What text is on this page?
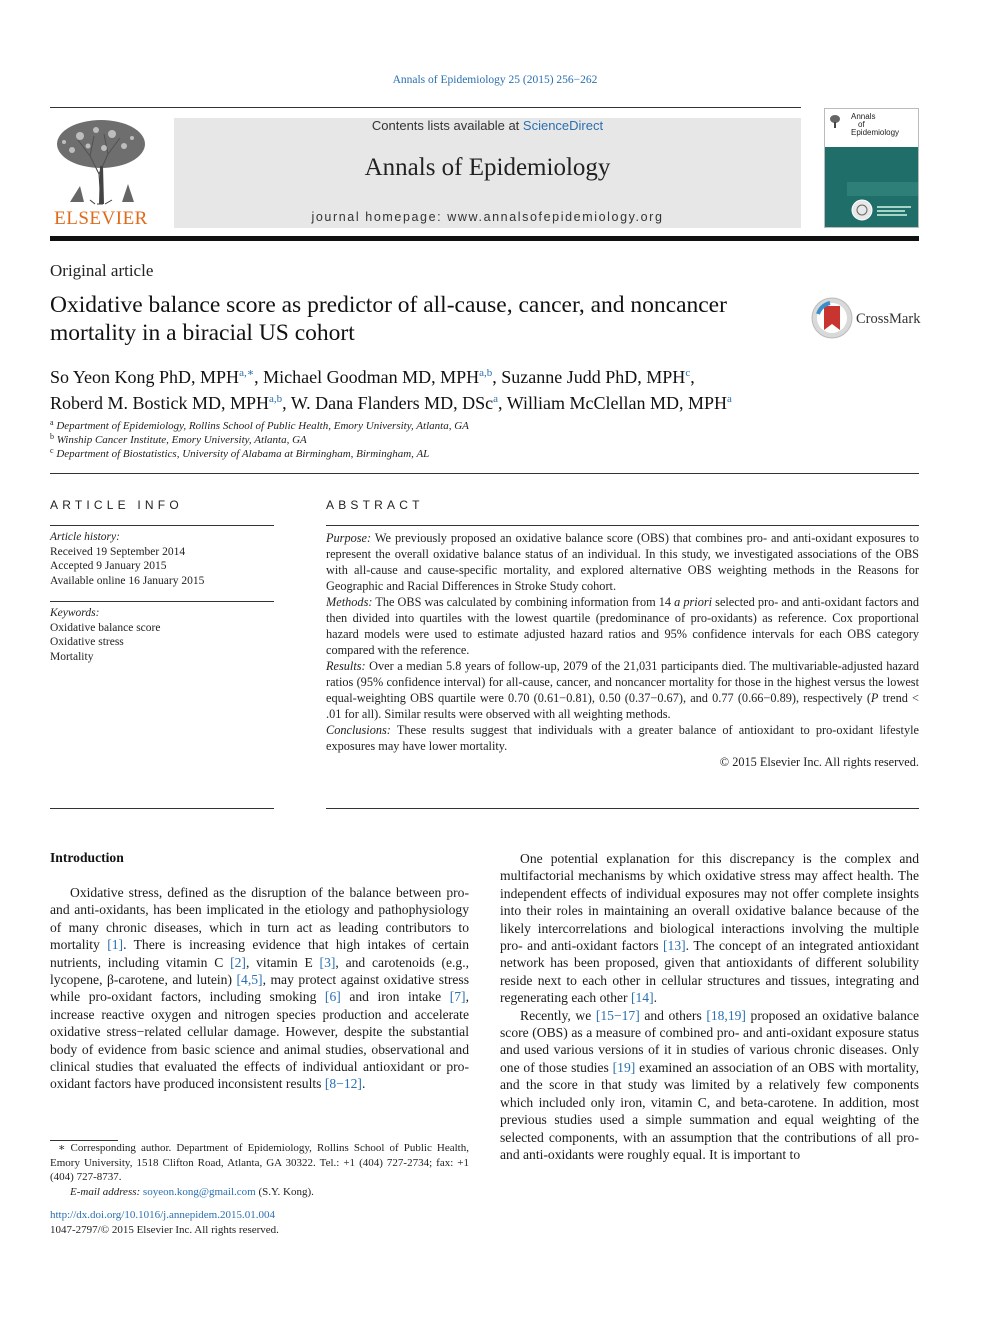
Annals of Epidemiology 25 (2015) 256−262
ELSEVIER
Contents lists available at ScienceDirect
Annals of Epidemiology
journal homepage: www.annalsofepidemiology.org
Annals
of
Epidemiology
Original article
Oxidative balance score as predictor of all-cause, cancer, and noncancer mortality in a biracial US cohort
CrossMark
So Yeon Kong PhD, $MPH^{a,∗}$, Michael Goodman MD, MPH$^{a,b}$, Suzanne Judd PhD, MPH$^c$,
Roberd M. Bostick MD, MPH$^{a,b}$, W. Dana Flanders MD, DSc$^a$, William McClellan MD, MPH$^a$
$^a$ Department of Epidemiology, Rollins School of Public Health, Emory University, Atlanta, GA
$^b$ Winship Cancer Institute, Emory University, Atlanta, GA
$^c$ Department of Biostatistics, University of Alabama at Birmingham, Birmingham, AL
ARTICLE INFO
Article history:
Received 19 September 2014
Accepted 9 January 2015
Available online 16 January 2015
Keywords:
Oxidative balance score
Oxidative stress
Mortality
ABSTRACT

Purpose: We previously proposed an oxidative balance score (OBS) that combines pro- and anti-oxidant exposures to represent the overall oxidative balance status of an individual. In this study, we investigated associations of the OBS with all-cause and cause-specific mortality, and explored alternative OBS weighting methods in the Reasons for Geographic and Racial Differences in Stroke Study cohort.

Methods: The OBS was calculated by combining information from 14 a priori selected pro- and anti-oxidant factors and then divided into quartiles with the lowest quartile (predominance of pro-oxidants) as reference. Cox proportional hazard models were used to estimate adjusted hazard ratios and 95% confidence intervals for each OBS category compared with the reference.

Results: Over a median 5.8 years of follow-up, 2079 of the 21,031 participants died. The multivariable-adjusted hazard ratios (95% confidence interval) for all-cause, cancer, and noncancer mortality for those in the highest versus the lowest equal-weighting OBS quartile were 0.70 (0.61−0.81), 0.50 (0.37−0.67), and 0.77 (0.66−0.89), respectively (P trend < .01 for all). Similar results were observed with all weighting methods.

Conclusions: These results suggest that individuals with a greater balance of antioxidant to pro-oxidant lifestyle exposures may have lower mortality.

© 2015 Elsevier Inc. All rights reserved.

Introduction

Oxidative stress, defined as the disruption of the balance between pro- and anti-oxidants, has been implicated in the etiology and pathophysiology of many chronic diseases, which in turn act as leading contributors to mortality [1]. There is increasing evidence that high intakes of certain nutrients, including vitamin C [2], vitamin E [3], and carotenoids (e.g., lycopene, β-carotene, and lutein) [4,5], may protect against oxidative stress while pro-oxidant factors, including smoking [6] and iron intake [7], increase reactive oxygen and nitrogen species production and accelerate oxidative stress−related cellular damage. However, despite the substantial body of evidence from basic science and animal studies, observational and clinical studies that evaluated the effects of individual antioxidant or pro-oxidant factors have produced inconsistent results [8−12].

One potential explanation for this discrepancy is the complex and multifactorial mechanisms by which oxidative stress may affect health. The independent effects of individual exposures may not offer complete insights into their roles in maintaining an overall oxidative balance because of the likely intercorrelations and biological interactions involving the multiple pro- and anti-oxidant factors [13]. The concept of an integrated antioxidant network has been proposed, given that antioxidants of different solubility reside next to each other in cellular structures and tissues, integrating and regenerating each other [14].

Recently, we [15−17] and others [18,19] proposed an oxidative balance score (OBS) as a measure of combined pro- and anti-oxidant exposure status and used various versions of it in studies of various chronic diseases. Only one of those studies [19] examined an association of an OBS with mortality, and the score in that study was limited by a relatively few components which included only iron, vitamin C, and beta-carotene. In addition, most previous studies used a simple summation and equal weighting of the selected components, with an assumption that the contributions of all pro- and anti-oxidants were roughly equal. It is important to

∗ Corresponding author. Department of Epidemiology, Rollins School of Public Health, Emory University, 1518 Clifton Road, Atlanta, GA 30322. Tel.: +1 (404) 727-2734; fax: +1 (404) 727-8737.
E-mail address: soyeon.kong@gmail.com (S.Y. Kong).
http://dx.doi.org/10.1016/j.annepidem.2015.01.004
1047-2797/© 2015 Elsevier Inc. All rights reserved.
